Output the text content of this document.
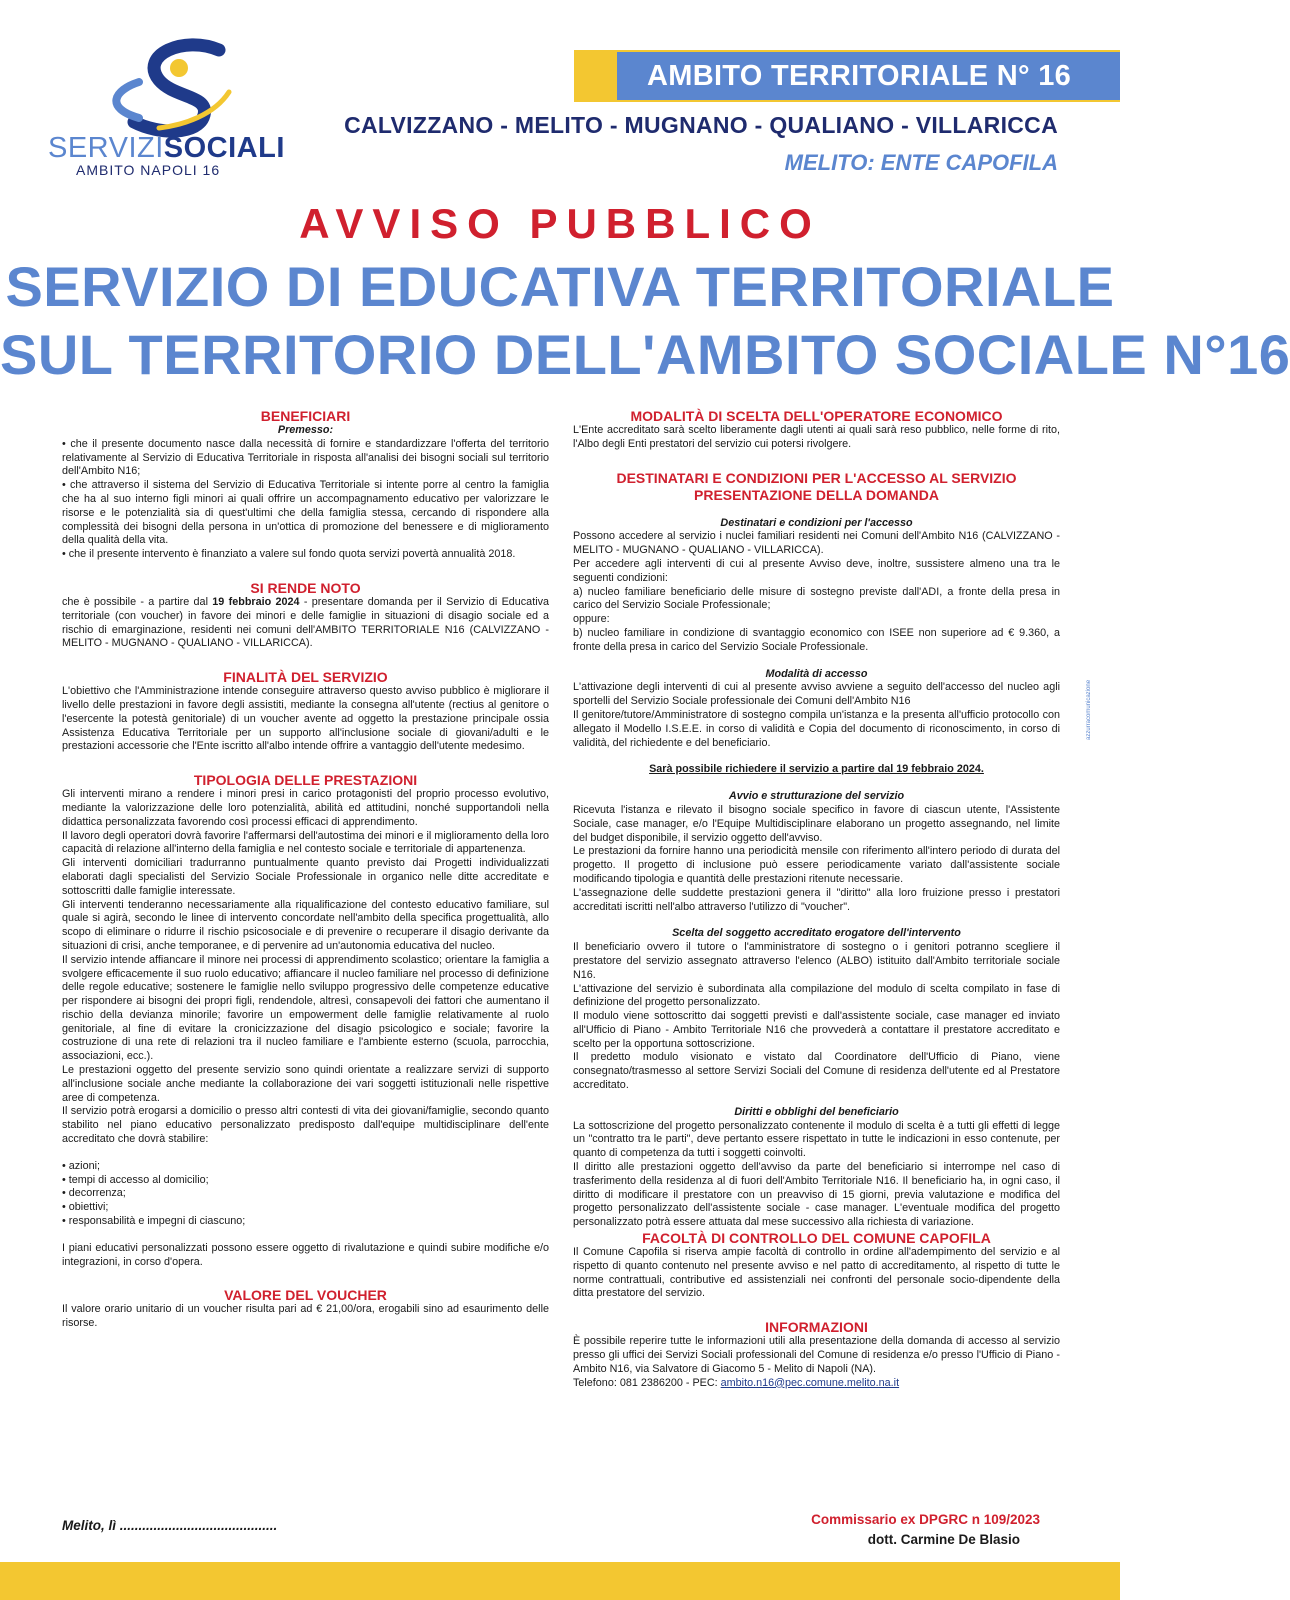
AMBITO TERRITORIALE N° 16
CALVIZZANO - MELITO - MUGNANO - QUALIANO - VILLARICCA
MELITO: ENTE CAPOFILA
SERVIZISOCIALI
AMBITO NAPOLI 16
AVVISO PUBBLICO
SERVIZIO DI EDUCATIVA TERRITORIALE
SUL TERRITORIO DELL'AMBITO SOCIALE N°16
BENEFICIARI
Premesso:

• che il presente documento nasce dalla necessità di fornire e standardizzare l'offerta del territorio relativamente al Servizio di Educativa Territoriale in risposta all'analisi dei bisogni sociali sul territorio dell'Ambito N16;

• che attraverso il sistema del Servizio di Educativa Territoriale si intente porre al centro la famiglia che ha al suo interno figli minori ai quali offrire un accompagnamento educativo per valorizzare le risorse e le potenzialità sia di quest'ultimi che della famiglia stessa, cercando di rispondere alla complessità dei bisogni della persona in un'ottica di promozione del benessere e di miglioramento della qualità della vita.

• che il presente intervento è finanziato a valere sul fondo quota servizi povertà annualità 2018.

SI RENDE NOTO

che è possibile - a partire dal 19 febbraio 2024 - presentare domanda per il Servizio di Educativa territoriale (con voucher) in favore dei minori e delle famiglie in situazioni di disagio sociale ed a rischio di emarginazione, residenti nei comuni dell'AMBITO TERRITORIALE N16 (CALVIZZANO - MELITO - MUGNANO - QUALIANO - VILLARICCA).

FINALITÀ DEL SERVIZIO

L'obiettivo che l'Amministrazione intende conseguire attraverso questo avviso pubblico è migliorare il livello delle prestazioni in favore degli assistiti, mediante la consegna all'utente (rectius al genitore o l'esercente la potestà genitoriale) di un voucher avente ad oggetto la prestazione principale ossia Assistenza Educativa Territoriale per un supporto all'inclusione sociale di giovani/adulti e le prestazioni accessorie che l'Ente iscritto all'albo intende offrire a vantaggio dell'utente medesimo.

TIPOLOGIA DELLE PRESTAZIONI

Gli interventi mirano a rendere i minori presi in carico protagonisti del proprio processo evolutivo, mediante la valorizzazione delle loro potenzialità, abilità ed attitudini, nonché supportandoli nella didattica personalizzata favorendo così processi efficaci di apprendimento.

Il lavoro degli operatori dovrà favorire l'affermarsi dell'autostima dei minori e il miglioramento della loro capacità di relazione all'interno della famiglia e nel contesto sociale e territoriale di appartenenza.

Gli interventi domiciliari tradurranno puntualmente quanto previsto dai Progetti individualizzati elaborati dagli specialisti del Servizio Sociale Professionale in organico nelle ditte accreditate e sottoscritti dalle famiglie interessate.

Gli interventi tenderanno necessariamente alla riqualificazione del contesto educativo familiare, sul quale si agirà, secondo le linee di intervento concordate nell'ambito della specifica progettualità, allo scopo di eliminare o ridurre il rischio psicosociale e di prevenire o recuperare il disagio derivante da situazioni di crisi, anche temporanee, e di pervenire ad un'autonomia educativa del nucleo.

Il servizio intende affiancare il minore nei processi di apprendimento scolastico; orientare la famiglia a svolgere efficacemente il suo ruolo educativo; affiancare il nucleo familiare nel processo di definizione delle regole educative; sostenere le famiglie nello sviluppo progressivo delle competenze educative per rispondere ai bisogni dei propri figli, rendendole, altresì, consapevoli dei fattori che aumentano il rischio della devianza minorile; favorire un empowerment delle famiglie relativamente al ruolo genitoriale, al fine di evitare la cronicizzazione del disagio psicologico e sociale; favorire la costruzione di una rete di relazioni tra il nucleo familiare e l'ambiente esterno (scuola, parrocchia, associazioni, ecc.).

Le prestazioni oggetto del presente servizio sono quindi orientate a realizzare servizi di supporto all'inclusione sociale anche mediante la collaborazione dei vari soggetti istituzionali nelle rispettive aree di competenza.

Il servizio potrà erogarsi a domicilio o presso altri contesti di vita dei giovani/famiglie, secondo quanto stabilito nel piano educativo personalizzato predisposto dall'equipe multidisciplinare dell'ente accreditato che dovrà stabilire:

• azioni;

• tempi di accesso al domicilio;

• decorrenza;

• obiettivi;

• responsabilità e impegni di ciascuno;

I piani educativi personalizzati possono essere oggetto di rivalutazione e quindi subire modifiche e/o integrazioni, in corso d'opera.

VALORE DEL VOUCHER

Il valore orario unitario di un voucher risulta pari ad € 21,00/ora, erogabili sino ad esaurimento delle risorse.

MODALITÀ DI SCELTA DELL'OPERATORE ECONOMICO

L'Ente accreditato sarà scelto liberamente dagli utenti ai quali sarà reso pubblico, nelle forme di rito, l'Albo degli Enti prestatori del servizio cui potersi rivolgere.

DESTINATARI E CONDIZIONI PER L'ACCESSO AL SERVIZIO
PRESENTAZIONE DELLA DOMANDA
Destinatari e condizioni per l'accesso

Possono accedere al servizio i nuclei familiari residenti nei Comuni dell'Ambito N16 (CALVIZZANO - MELITO - MUGNANO - QUALIANO - VILLARICCA).

Per accedere agli interventi di cui al presente Avviso deve, inoltre, sussistere almeno una tra le seguenti condizioni:

a) nucleo familiare beneficiario delle misure di sostegno previste dall'ADI, a fronte della presa in carico del Servizio Sociale Professionale;

oppure:

b) nucleo familiare in condizione di svantaggio economico con ISEE non superiore ad € 9.360, a fronte della presa in carico del Servizio Sociale Professionale.

Modalità di accesso

L'attivazione degli interventi di cui al presente avviso avviene a seguito dell'accesso del nucleo agli sportelli del Servizio Sociale professionale dei Comuni dell'Ambito N16

Il genitore/tutore/Amministratore di sostegno compila un'istanza e la presenta all'ufficio protocollo con allegato il Modello I.S.E.E. in corso di validità e Copia del documento di riconoscimento, in corso di validità, del richiedente e del beneficiario.

Sarà possibile richiedere il servizio a partire dal 19 febbraio 2024.

Avvio e strutturazione del servizio

Ricevuta l'istanza e rilevato il bisogno sociale specifico in favore di ciascun utente, l'Assistente Sociale, case manager, e/o l'Equipe Multidisciplinare elaborano un progetto assegnando, nel limite del budget disponibile, il servizio oggetto dell'avviso.

Le prestazioni da fornire hanno una periodicità mensile con riferimento all'intero periodo di durata del progetto. Il progetto di inclusione può essere periodicamente variato dall'assistente sociale modificando tipologia e quantità delle prestazioni ritenute necessarie.

L'assegnazione delle suddette prestazioni genera il "diritto" alla loro fruizione presso i prestatori accreditati iscritti nell'albo attraverso l'utilizzo di "voucher".

Scelta del soggetto accreditato erogatore dell'intervento

Il beneficiario ovvero il tutore o l'amministratore di sostegno o i genitori potranno scegliere il prestatore del servizio assegnato attraverso l'elenco (ALBO) istituito dall'Ambito territoriale sociale N16.

L'attivazione del servizio è subordinata alla compilazione del modulo di scelta compilato in fase di definizione del progetto personalizzato.

Il modulo viene sottoscritto dai soggetti previsti e dall'assistente sociale, case manager ed inviato all'Ufficio di Piano - Ambito Territoriale N16 che provvederà a contattare il prestatore accreditato e scelto per la opportuna sottoscrizione.

Il predetto modulo visionato e vistato dal Coordinatore dell'Ufficio di Piano, viene consegnato/trasmesso al settore Servizi Sociali del Comune di residenza dell'utente ed al Prestatore accreditato.

Diritti e obblighi del beneficiario

La sottoscrizione del progetto personalizzato contenente il modulo di scelta è a tutti gli effetti di legge un "contratto tra le parti", deve pertanto essere rispettato in tutte le indicazioni in esso contenute, per quanto di competenza da tutti i soggetti coinvolti.

Il diritto alle prestazioni oggetto dell'avviso da parte del beneficiario si interrompe nel caso di trasferimento della residenza al di fuori dell'Ambito Territoriale N16. Il beneficiario ha, in ogni caso, il diritto di modificare il prestatore con un preavviso di 15 giorni, previa valutazione e modifica del progetto personalizzato dell'assistente sociale - case manager. L'eventuale modifica del progetto personalizzato potrà essere attuata dal mese successivo alla richiesta di variazione.

FACOLTÀ DI CONTROLLO DEL COMUNE CAPOFILA

Il Comune Capofila si riserva ampie facoltà di controllo in ordine all'adempimento del servizio e al rispetto di quanto contenuto nel presente avviso e nel patto di accreditamento, al rispetto di tutte le norme contrattuali, contributive ed assistenziali nei confronti del personale socio-dipendente della ditta prestatore del servizio.

INFORMAZIONI

È possibile reperire tutte le informazioni utili alla presentazione della domanda di accesso al servizio presso gli uffici dei Servizi Sociali professionali del Comune di residenza e/o presso l'Ufficio di Piano - Ambito N16, via Salvatore di Giacomo 5 - Melito di Napoli (NA).

Telefono: 081 2386200 - PEC: ambito.n16@pec.comune.melito.na.it

Melito, lì ..........................................	Commissario ex DPGRC n 109/2023
dott. Carmine De Blasio
azzurracomunicazione
